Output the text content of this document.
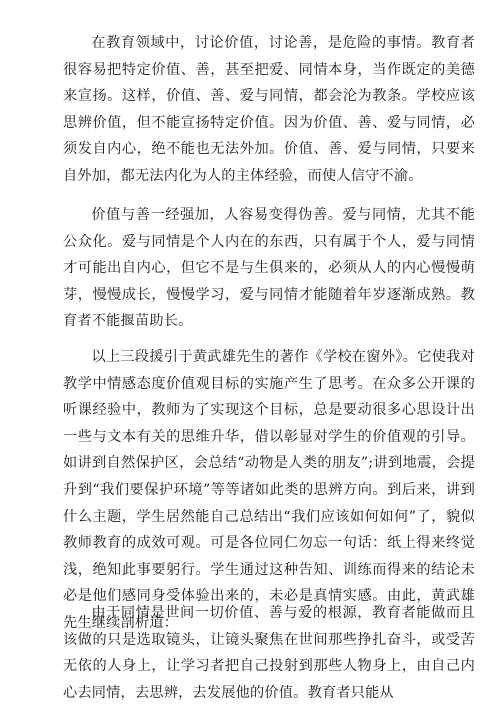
在教育领域中，讨论价值，讨论善，是危险的事情。教育者很容易把特定价值、善，甚至把爱、同情本身，当作既定的美德来宣扬。这样，价值、善、爱与同情，都会沦为教条。学校应该思辨价值，但不能宣扬特定价值。因为价值、善、爱与同情，必须发自内心，绝不能也无法外加。价值、善、爱与同情，只要来自外加，都无法内化为人的主体经验，而使人信守不渝。

价值与善一经强加，人容易变得伪善。爱与同情，尤其不能公众化。爱与同情是个人内在的东西，只有属于个人，爱与同情才可能出自内心，但它不是与生俱来的，必须从人的内心慢慢萌芽，慢慢成长，慢慢学习，爱与同情才能随着年岁逐渐成熟。教育者不能揠苗助长。

以上三段援引于黄武雄先生的著作《学校在窗外》。它使我对教学中情感态度价值观目标的实施产生了思考。在众多公开课的听课经验中，教师为了实现这个目标，总是要动很多心思设计出一些与文本有关的思维升华，借以彰显对学生的价值观的引导。如讲到自然保护区，会总结“动物是人类的朋友”;讲到地震，会提升到“我们要保护环境”等等诸如此类的思辨方向。到后来，讲到什么主题，学生居然能自己总结出“我们应该如何如何”了，貌似教师教育的成效可观。可是各位同仁勿忘一句话：纸上得来终觉浅，绝知此事要躬行。学生通过这种告知、训练而得来的结论未必是他们感同身受体验出来的，未必是真情实感。由此，黄武雄先生继续剖析道：

由于同情是世间一切价值、善与爱的根源，教育者能做而且该做的只是选取镜头，让镜头聚焦在世间那些挣扎奋斗，或受苦无依的人身上，让学习者把自己投射到那些人物身上，由自己内心去同情，去思辨，去发展他的价值。教育者只能从
